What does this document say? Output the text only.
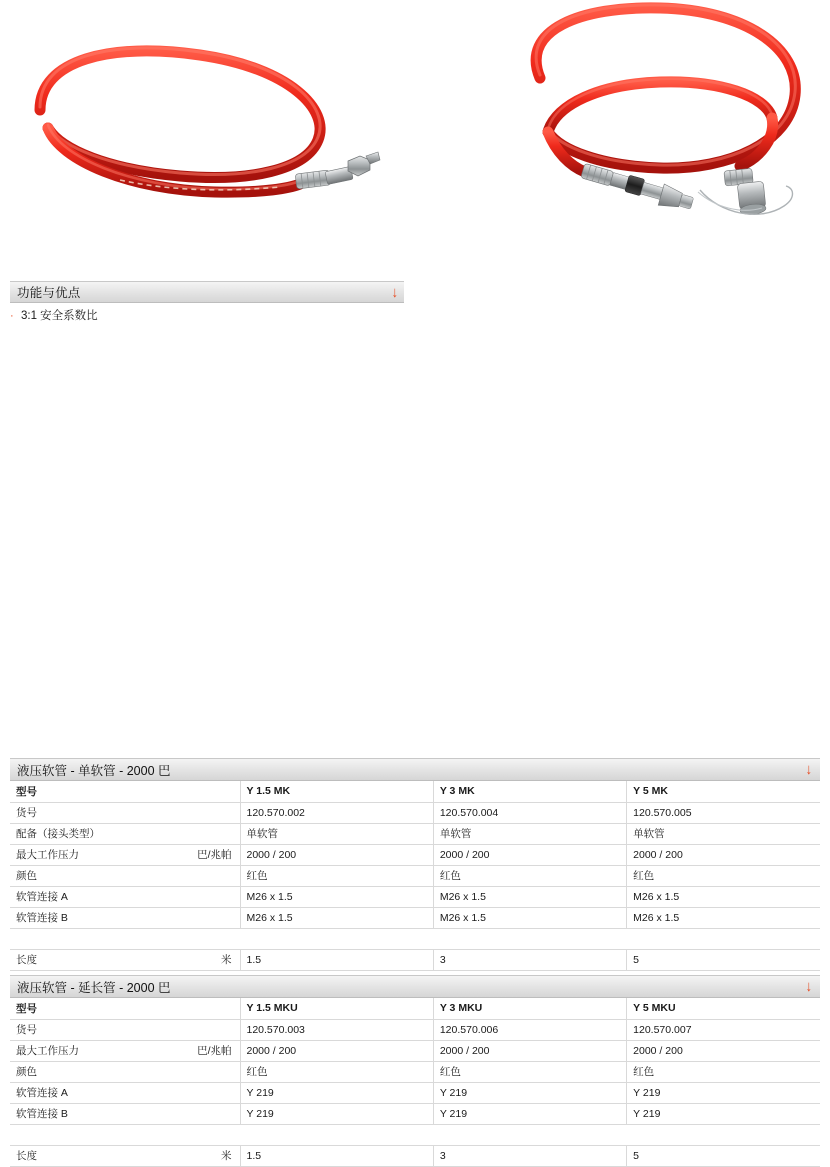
功能与优点	↓
· 3:1 安全系数比
液压软管 - 单软管 - 2000 巴	↓
型号	Y 1.5 MK	Y 3 MK	Y 5 MK
货号	120.570.002	120.570.004	120.570.005
配备（接头类型）	单软管	单软管	单软管
最大工作压力 巴/兆帕	2000 / 200	2000 / 200	2000 / 200
颜色	红色	红色	红色
软管连接 A	M26 x 1.5	M26 x 1.5	M26 x 1.5
软管连接 B	M26 x 1.5	M26 x 1.5	M26 x 1.5

长度 米	1.5	3	5
液压软管 - 延长管 - 2000 巴	↓
型号	Y 1.5 MKU	Y 3 MKU	Y 5 MKU
货号	120.570.003	120.570.006	120.570.007
最大工作压力 巴/兆帕	2000 / 200	2000 / 200	2000 / 200
颜色	红色	红色	红色
软管连接 A	Y 219	Y 219	Y 219
软管连接 B	Y 219	Y 219	Y 219

长度 米	1.5	3	5
